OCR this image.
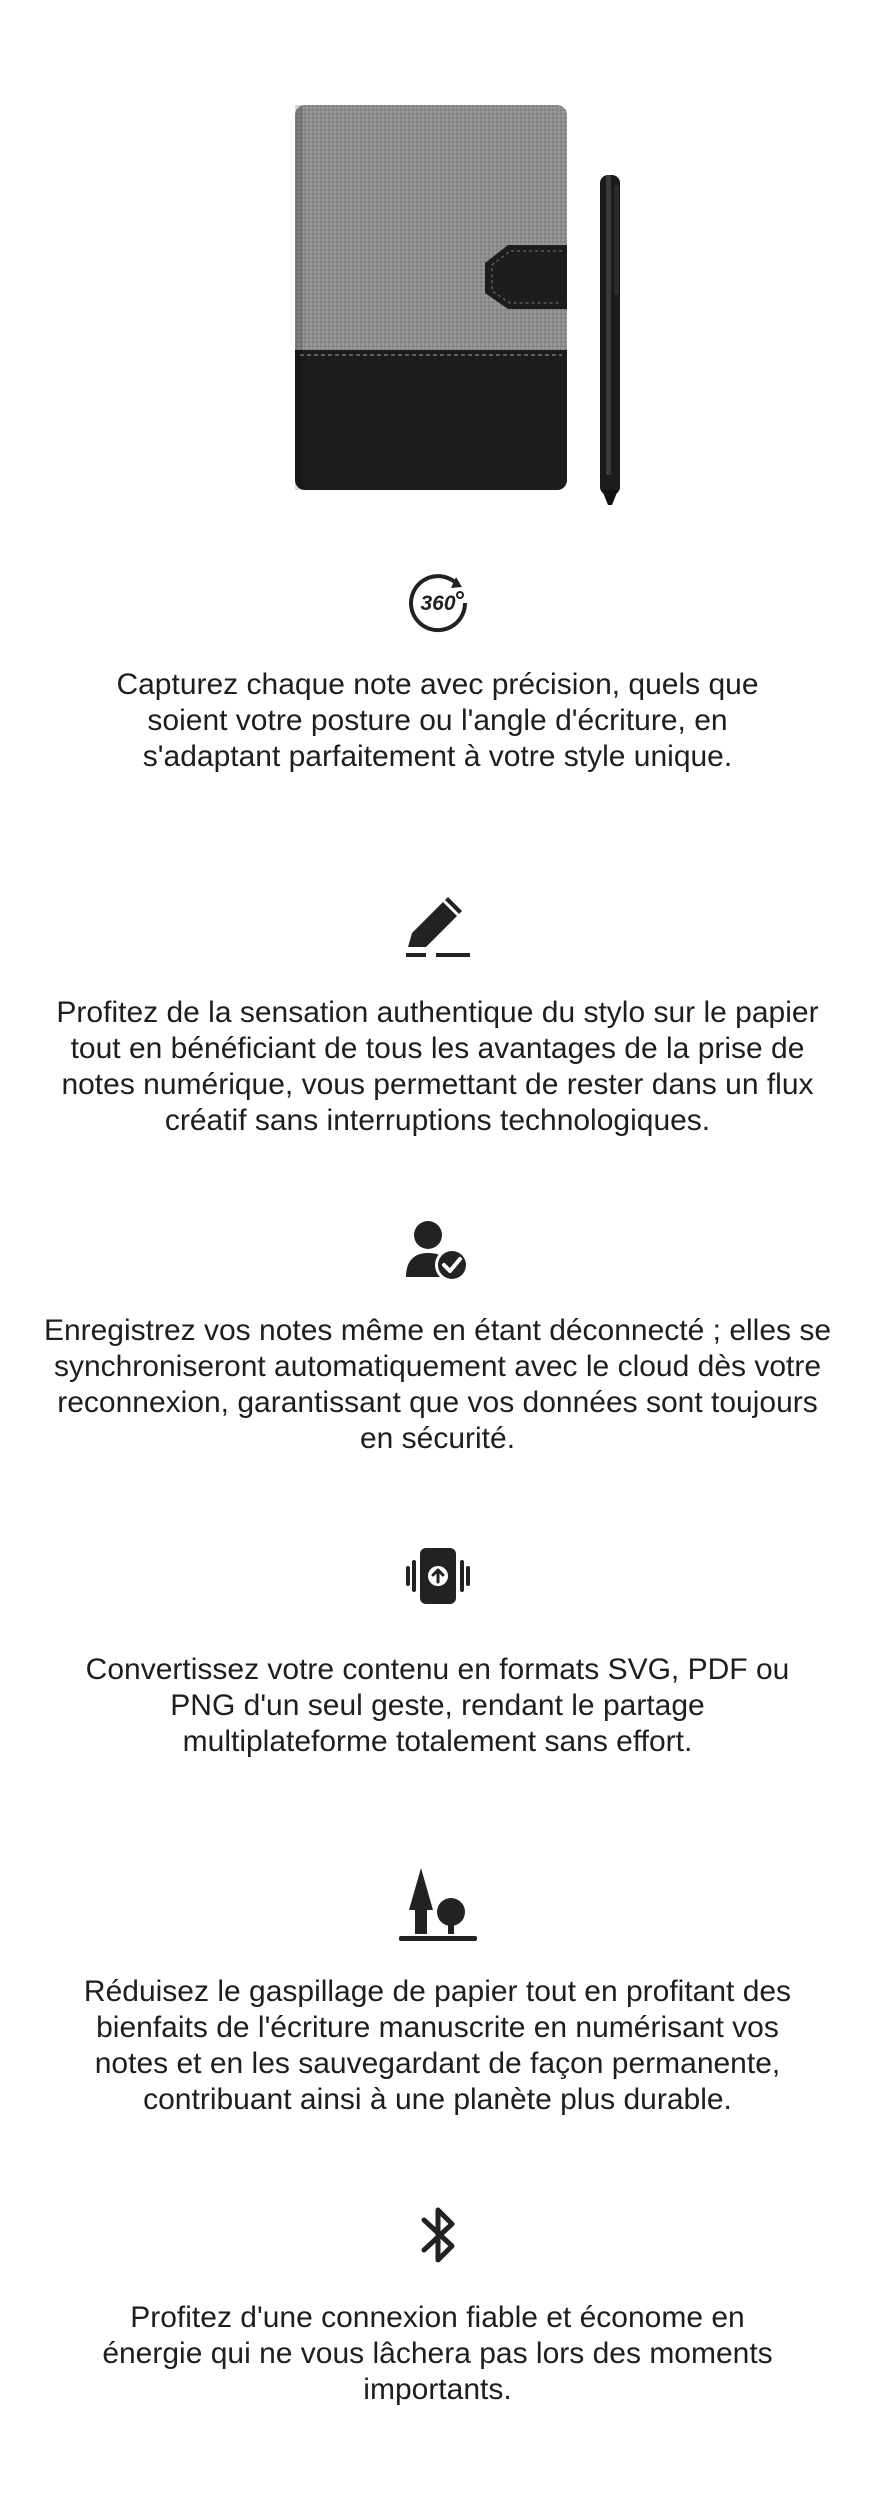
360

Capturez chaque note avec précision, quels que soient votre posture ou l'angle d'écriture, en s'adaptant parfaitement à votre style unique.

Profitez de la sensation authentique du stylo sur le papier tout en bénéficiant de tous les avantages de la prise de notes numérique, vous permettant de rester dans un flux créatif sans interruptions technologiques.

Enregistrez vos notes même en étant déconnecté ; elles se synchroniseront automatiquement avec le cloud dès votre reconnexion, garantissant que vos données sont toujours en sécurité.

Convertissez votre contenu en formats SVG, PDF ou PNG d'un seul geste, rendant le partage multiplateforme totalement sans effort.

Réduisez le gaspillage de papier tout en profitant des bienfaits de l'écriture manuscrite en numérisant vos notes et en les sauvegardant de façon permanente, contribuant ainsi à une planète plus durable.

Profitez d'une connexion fiable et économe en énergie qui ne vous lâchera pas lors des moments importants.
